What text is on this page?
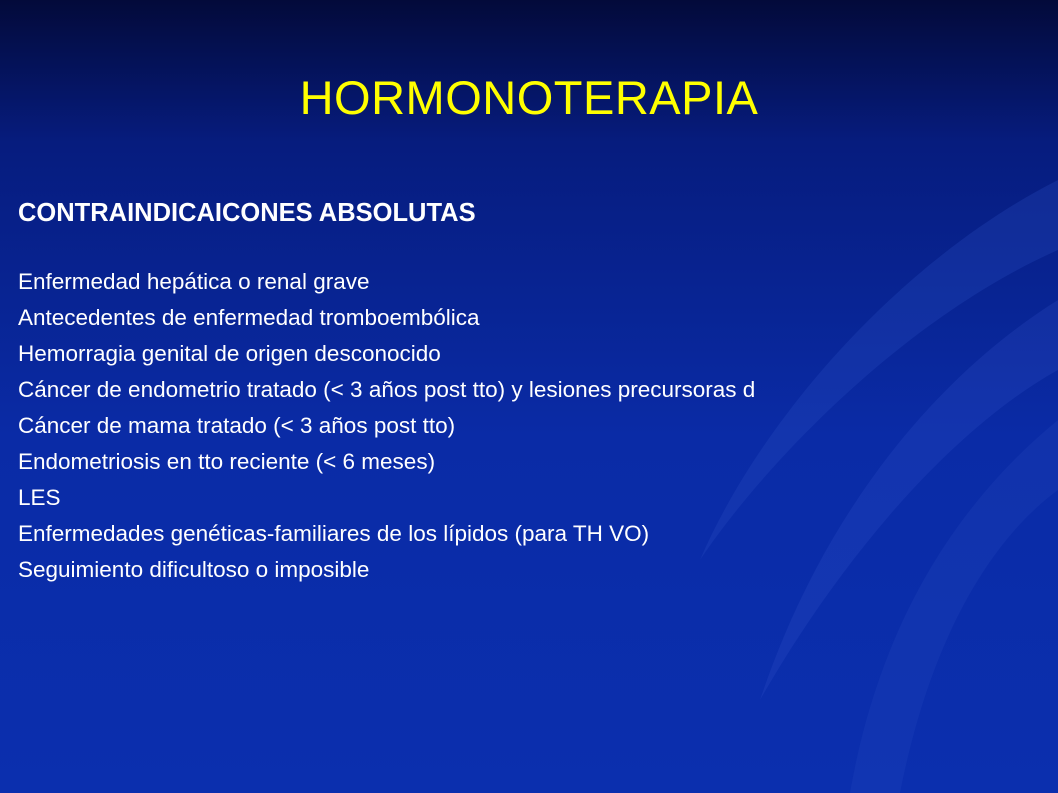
HORMONOTERAPIA
CONTRAINDICAICONES ABSOLUTAS
Enfermedad hepática o renal grave
Antecedentes de enfermedad tromboembólica
Hemorragia genital de origen desconocido
Cáncer de endometrio tratado (< 3 años post tto) y lesiones precursoras d
Cáncer de mama tratado (< 3 años post tto)
Endometriosis en tto reciente (< 6 meses)
LES
Enfermedades genéticas-familiares de los lípidos (para TH VO)
Seguimiento dificultoso o imposible
